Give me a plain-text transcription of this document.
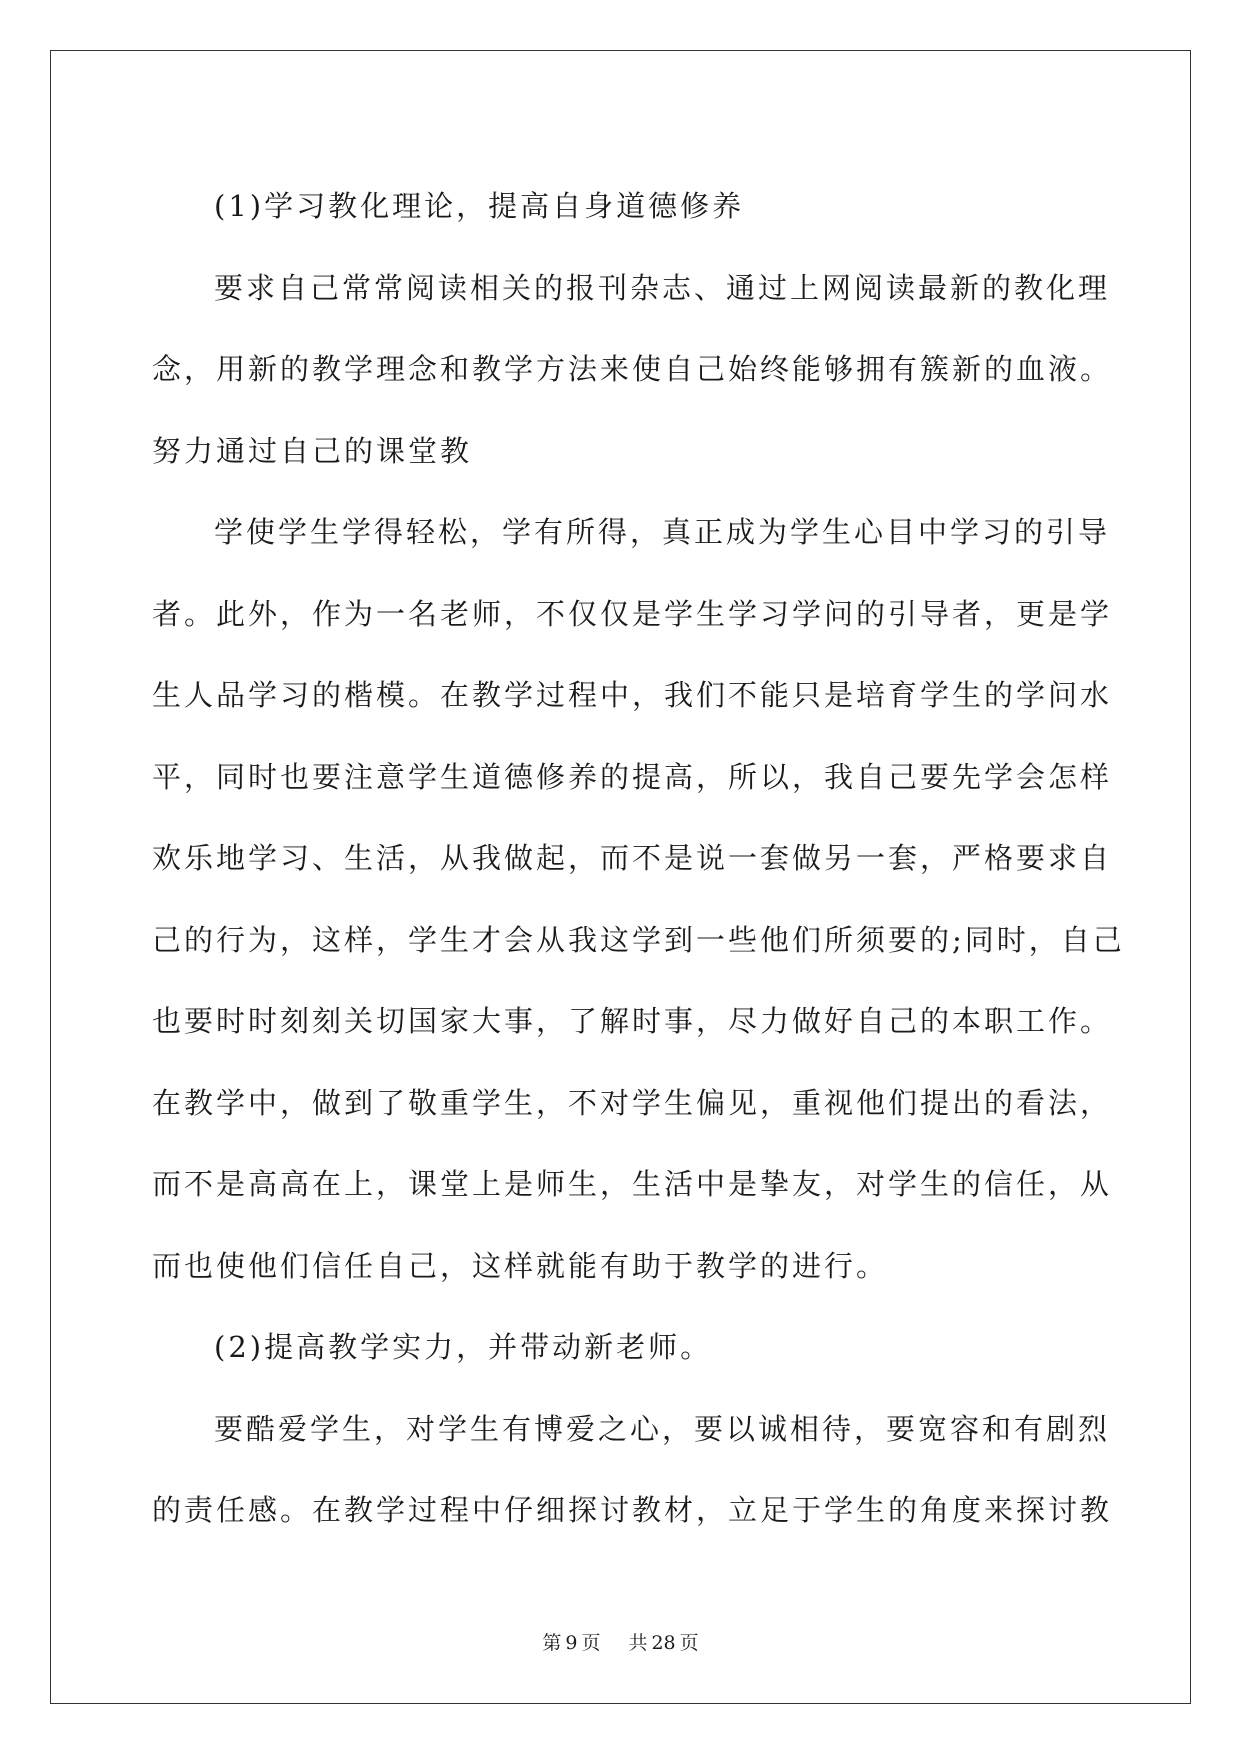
(1)学习教化理论，提高自身道德修养
要求自己常常阅读相关的报刊杂志、通过上网阅读最新的教化理
念，用新的教学理念和教学方法来使自己始终能够拥有簇新的血液。
努力通过自己的课堂教
学使学生学得轻松，学有所得，真正成为学生心目中学习的引导
者。此外，作为一名老师，不仅仅是学生学习学问的引导者，更是学
生人品学习的楷模。在教学过程中，我们不能只是培育学生的学问水
平，同时也要注意学生道德修养的提高，所以，我自己要先学会怎样
欢乐地学习、生活，从我做起，而不是说一套做另一套，严格要求自
己的行为，这样，学生才会从我这学到一些他们所须要的;同时，自己
也要时时刻刻关切国家大事，了解时事，尽力做好自己的本职工作。
在教学中，做到了敬重学生，不对学生偏见，重视他们提出的看法，
而不是高高在上，课堂上是师生，生活中是挚友，对学生的信任，从
而也使他们信任自己，这样就能有助于教学的进行。
(2)提高教学实力，并带动新老师。
要酷爱学生，对学生有博爱之心，要以诚相待，要宽容和有剧烈
的责任感。在教学过程中仔细探讨教材，立足于学生的角度来探讨教
第 9 页 共 28 页
